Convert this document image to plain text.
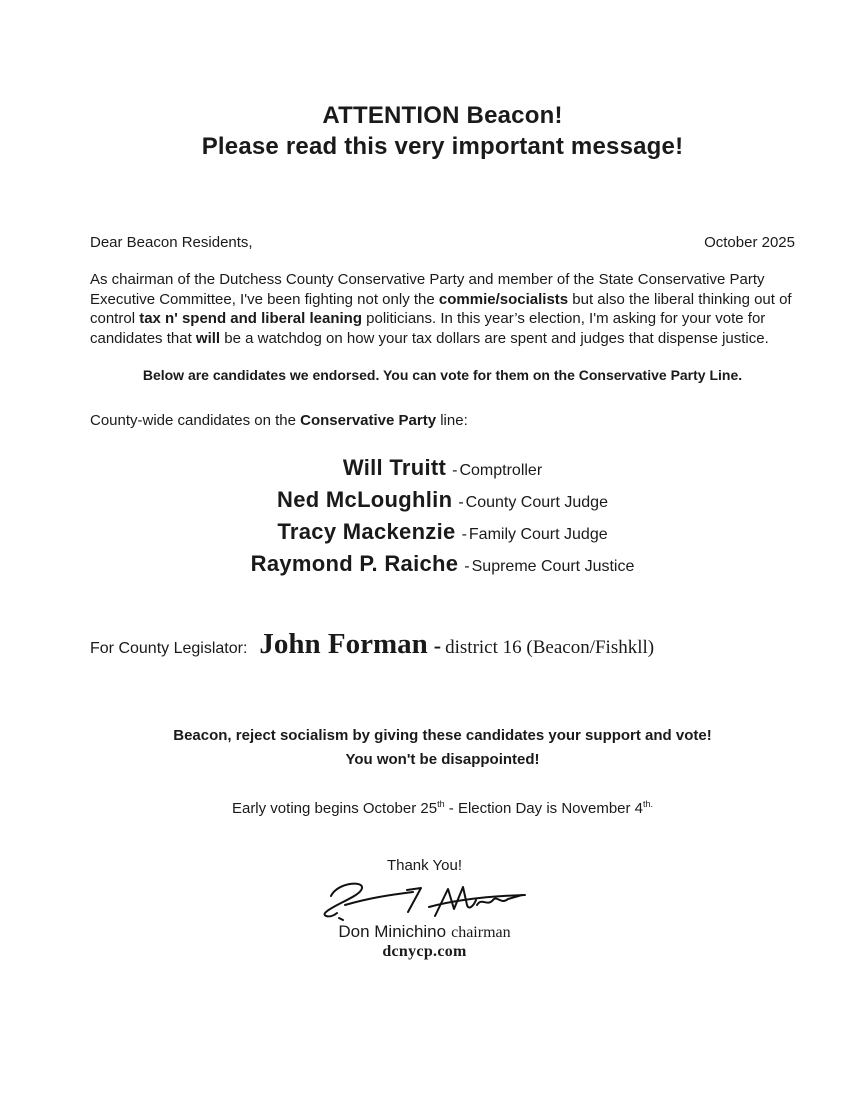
ATTENTION Beacon!
Please read this very important message!
Dear Beacon Residents,	October 2025
As chairman of the Dutchess County Conservative Party and member of the State Conservative Party Executive Committee, I've been fighting not only the commie/socialists but also the liberal thinking out of control tax n' spend and liberal leaning politicians. In this year’s election, I'm asking for your vote for candidates that will be a watchdog on how your tax dollars are spent and judges that dispense justice.
Below are candidates we endorsed. You can vote for them on the Conservative Party Line.
County-wide candidates on the Conservative Party line:
Will Truitt - Comptroller
Ned McLoughlin - County Court Judge
Tracy Mackenzie - Family Court Judge
Raymond P. Raiche - Supreme Court Justice
For County Legislator: John Forman - district 16 (Beacon/Fishkll)
Beacon, reject socialism by giving these candidates your support and vote!
You won't be disappointed!
Early voting begins October 25th - Election Day is November $4^{th.}$
Thank You!
Don Minichino chairman
dcnycp.com
